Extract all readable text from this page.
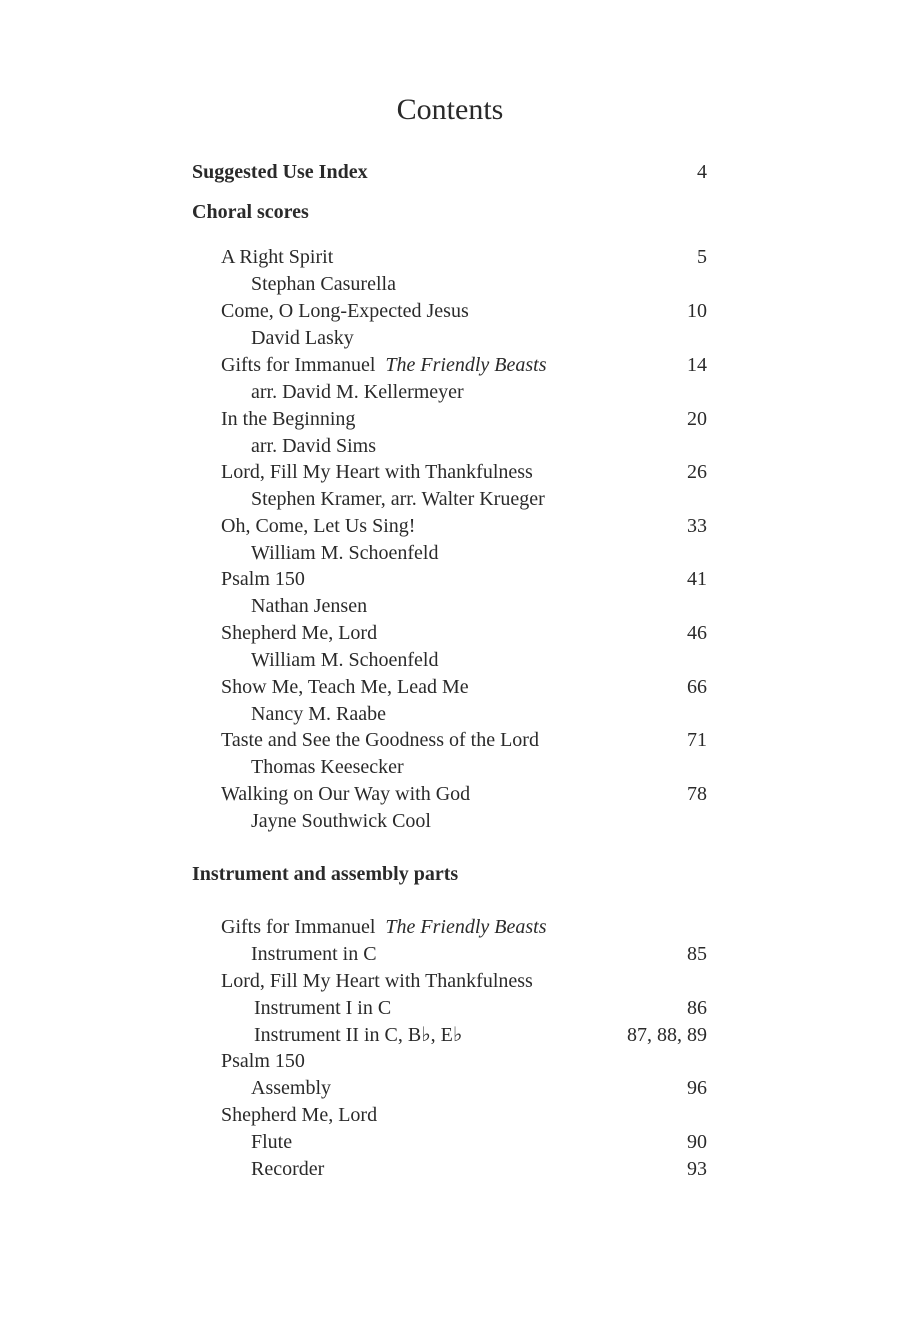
Contents
Suggested Use Index	4
Choral scores
A Right Spirit	5
Stephan Casurella
Come, O Long-Expected Jesus	10
David Lasky
Gifts for Immanuel The Friendly Beasts	14
arr. David M. Kellermeyer
In the Beginning	20
arr. David Sims
Lord, Fill My Heart with Thankfulness	26
Stephen Kramer, arr. Walter Krueger
Oh, Come, Let Us Sing!	33
William M. Schoenfeld
Psalm 150	41
Nathan Jensen
Shepherd Me, Lord	46
William M. Schoenfeld
Show Me, Teach Me, Lead Me	66
Nancy M. Raabe
Taste and See the Goodness of the Lord	71
Thomas Keesecker
Walking on Our Way with God	78
Jayne Southwick Cool
Instrument and assembly parts
Gifts for Immanuel The Friendly Beasts
Instrument in C	85
Lord, Fill My Heart with Thankfulness
Instrument I in C	86
Instrument II in C, B♭, E♭	87, 88, 89
Psalm 150
Assembly	96
Shepherd Me, Lord
Flute	90
Recorder	93
